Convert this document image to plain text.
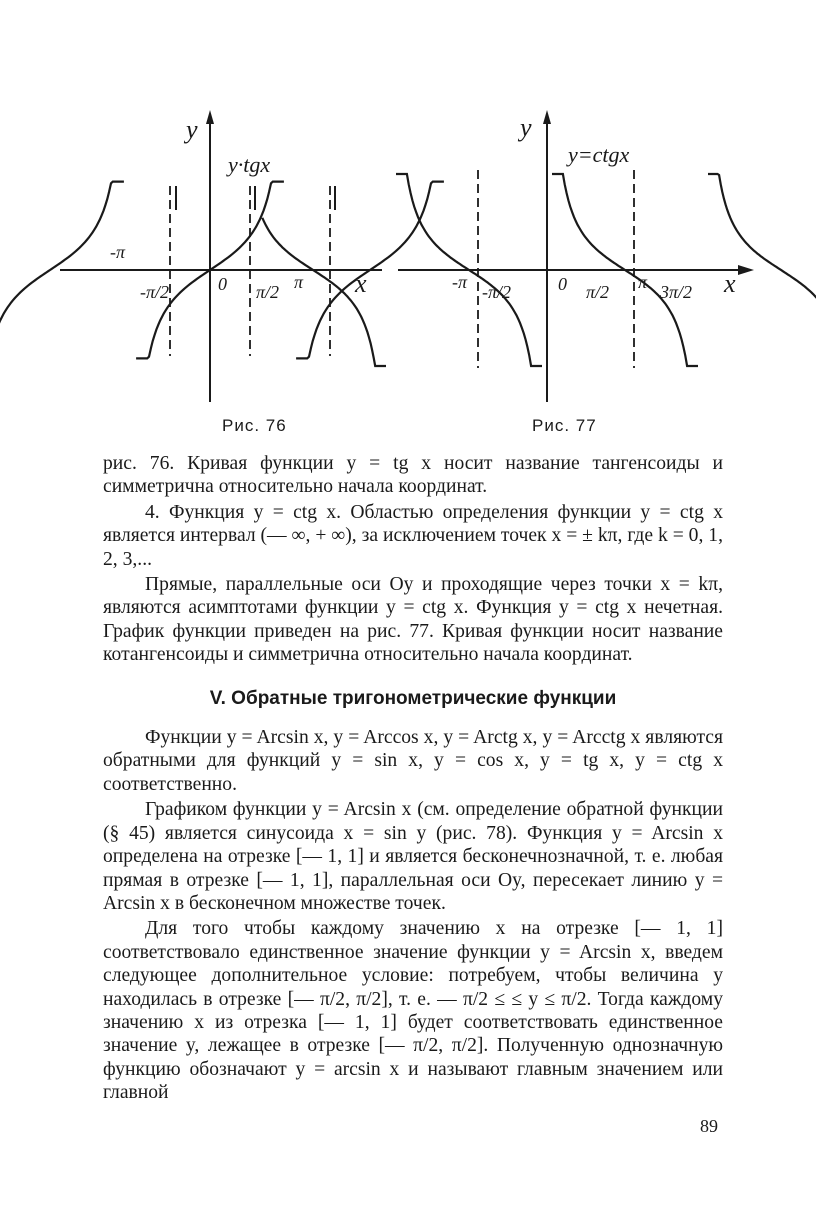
y
x
y·tgx
0
-π
-π/2	π/2 π
Рис. 76
y
x
y=ctgx
0
-π -π/2	π/2 π 3π/2
Рис. 77

рис. 76. Кривая функции y = tg x носит название тангенсоиды и симметрична относительно начала координат.

4. Функция y = ctg x. Областью определения функции y = ctg x является интервал (— ∞, + ∞), за исключением точек x = ± kπ, где k = 0, 1, 2, 3,...

Прямые, параллельные оси Oy и проходящие через точки x = kπ, являются асимптотами функции y = ctg x. Функция y = ctg x нечетная. График функции приведен на рис. 77. Кривая функции носит название котангенсоиды и симметрична относительно начала координат.

V. Обратные тригонометрические функции

Функции y = Arcsin x, y = Arccos x, y = Arctg x, y = Arcctg x являются обратными для функций y = sin x, y = cos x, y = tg x, y = ctg x соответственно.

Графиком функции y = Arcsin x (см. определение обратной функции (§ 45) является синусоида x = sin y (рис. 78). Функция y = Arcsin x определена на отрезке [— 1, 1] и является бесконечнозначной, т. е. любая прямая в отрезке [— 1, 1], параллельная оси Oy, пересекает линию y = Arcsin x в бесконечном множестве точек.

Для того чтобы каждому значению x на отрезке [— 1, 1] соответствовало единственное значение функции y = Arcsin x, введем следующее дополнительное условие: потребуем, чтобы величина y находилась в отрезке [— π/2, π/2], т. е. — π/2 ≤ ≤ y ≤ π/2. Тогда каждому значению x из отрезка [— 1, 1] будет соответствовать единственное значение y, лежащее в отрезке [— π/2, π/2]. Полученную однозначную функцию обозначают y = arcsin x и называют главным значением или главной

89
